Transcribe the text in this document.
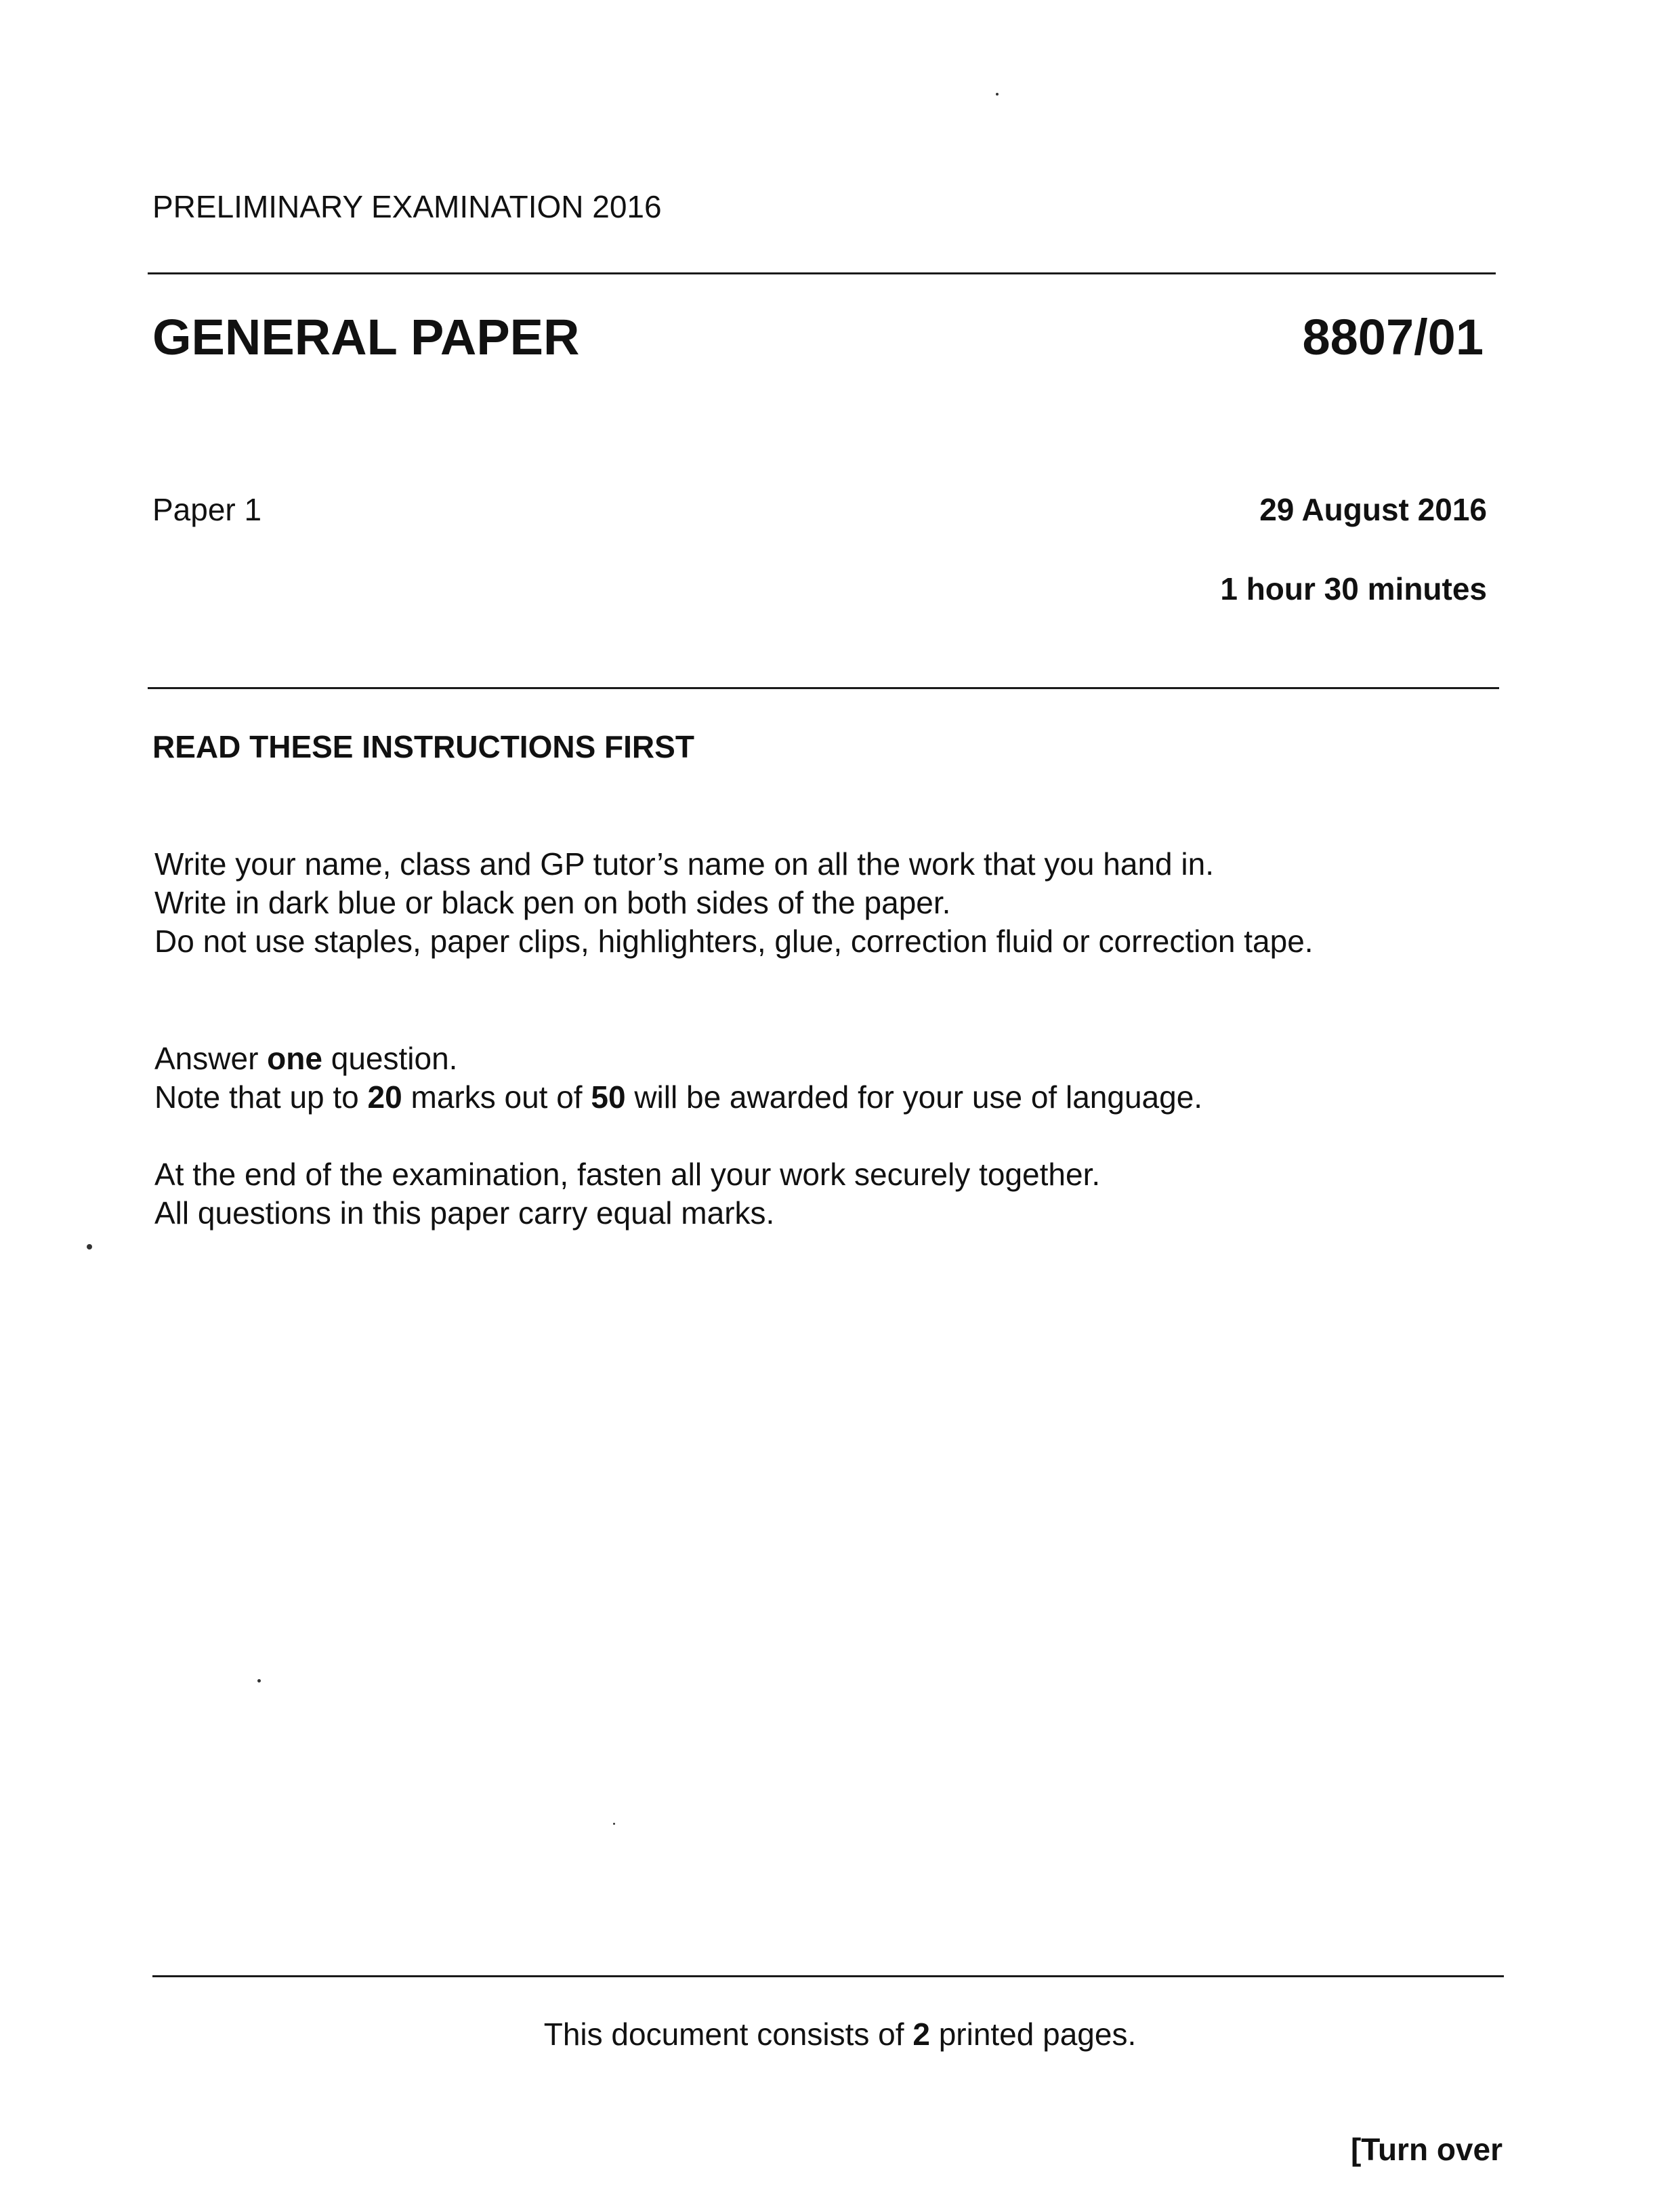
PRELIMINARY EXAMINATION 2016
GENERAL PAPER	8807/01
Paper 1	29 August 2016
1 hour 30 minutes
READ THESE INSTRUCTIONS FIRST
Write your name, class and GP tutor’s name on all the work that you hand in.
Write in dark blue or black pen on both sides of the paper.
Do not use staples, paper clips, highlighters, glue, correction fluid or correction tape.
Answer one question.
Note that up to 20 marks out of 50 will be awarded for your use of language.
At the end of the examination, fasten all your work securely together.
All questions in this paper carry equal marks.
This document consists of 2 printed pages.
[Turn over
